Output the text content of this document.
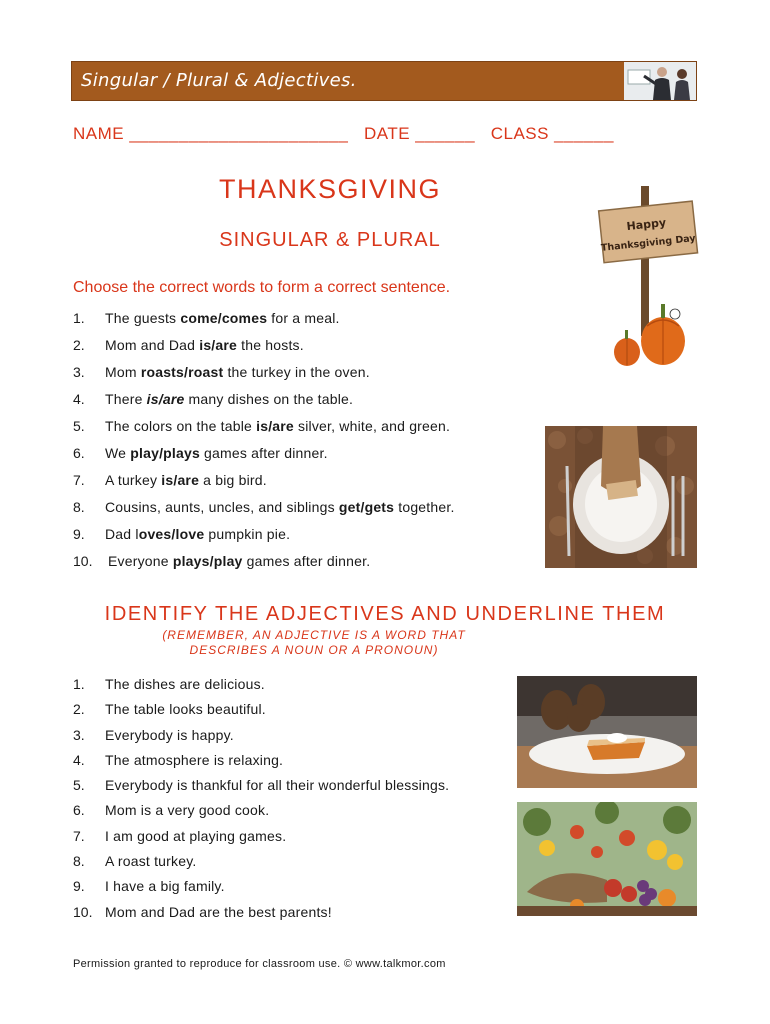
Singular / Plural & Adjectives.
NAME ______________________   DATE ______   CLASS ______
THANKSGIVING
SINGULAR & PLURAL
Happy
Thanksgiving Day
Choose the correct words to form a correct sentence.
1.	The guests come/comes for a meal.
2.	Mom and Dad is/are the hosts.
3.	Mom roasts/roast the turkey in the oven.
4.	There is/are many dishes on the table.
5.	The colors on the table is/are silver, white, and green.
6.	We play/plays games after dinner.
7.	A turkey is/are a big bird.
8.	Cousins, aunts, uncles, and siblings get/gets together.
9.	Dad loves/love pumpkin pie.
10.	Everyone plays/play games after dinner.
IDENTIFY THE ADJECTIVES AND UNDERLINE THEM
(REMEMBER, AN ADJECTIVE IS A WORD THAT
DESCRIBES A NOUN OR A PRONOUN)
1.	The dishes are delicious.
2.	The table looks beautiful.
3.	Everybody is happy.
4.	The atmosphere is relaxing.
5.	Everybody is thankful for all their wonderful blessings.
6.	Mom is a very good cook.
7.	I am good at playing games.
8.	A roast turkey.
9.	I have a big family.
10. Mom and Dad are the best parents!
Permission granted to reproduce for classroom use. © www.talkmor.com
